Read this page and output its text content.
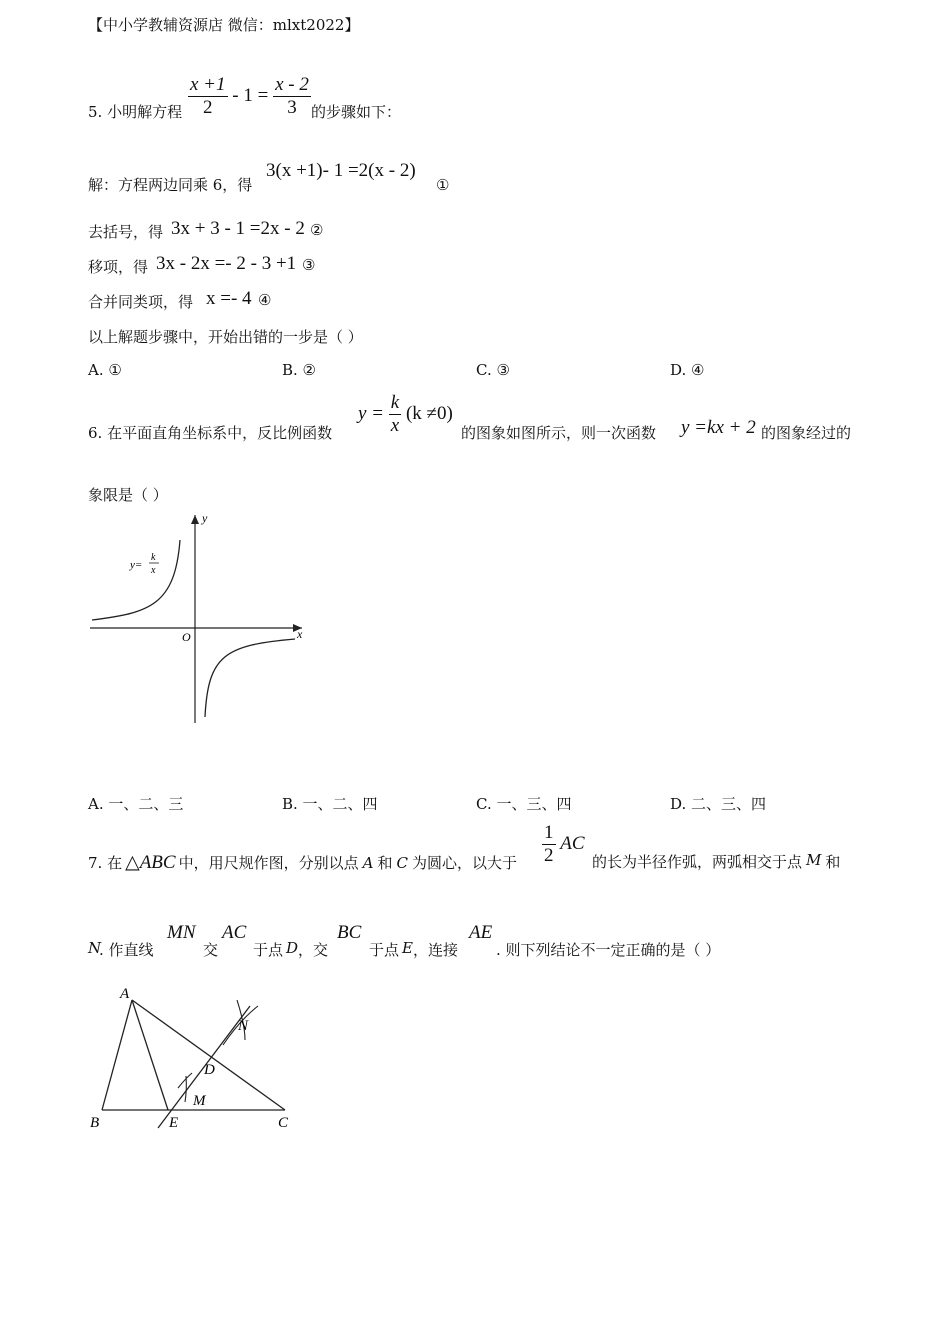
【中小学教辅资源店 微信：mlxt2022】
5. 小明解方程 $\frac{x +1}{2} - 1 = \frac{x - 2}{3}$ 的步骤如下：
解：方程两边同乘 6，得
3(x +1)- 1 =2(x - 2)
①
去括号，得 3x + 3 - 1 =2x - 2 ②
移项，得 3x - 2x =- 2 - 3 +1 ③
合并同类项，得 x =- 4 ④
以上解题步骤中，开始出错的一步是（ ）
A. ①	B. ②	C. ③	D. ④
6. 在平面直角坐标系中，反比例函数
$y = \frac{k}{x} (k \ne 0)$
的图象如图所示，则一次函数 y =kx + 2 的图象经过的
象限是（ ）
y
x
O
y=
k
x
A. 一、二、三	B. 一、二、四	C. 一、三、四	D. 二、三、四
7. 在 △ABC 中，用尺规作图，分别以点 A 和 C 为圆心，以大于 $\frac{1}{2}$ AC
的长为半径作弧，两弧相交于点 M 和
N
. 作直线
MN
交
AC
于点 D ，交
BC
于点 E ，连接
AE
. 则下列结论不一定正确的是（ ）
A
B	C
D
E
M
N
